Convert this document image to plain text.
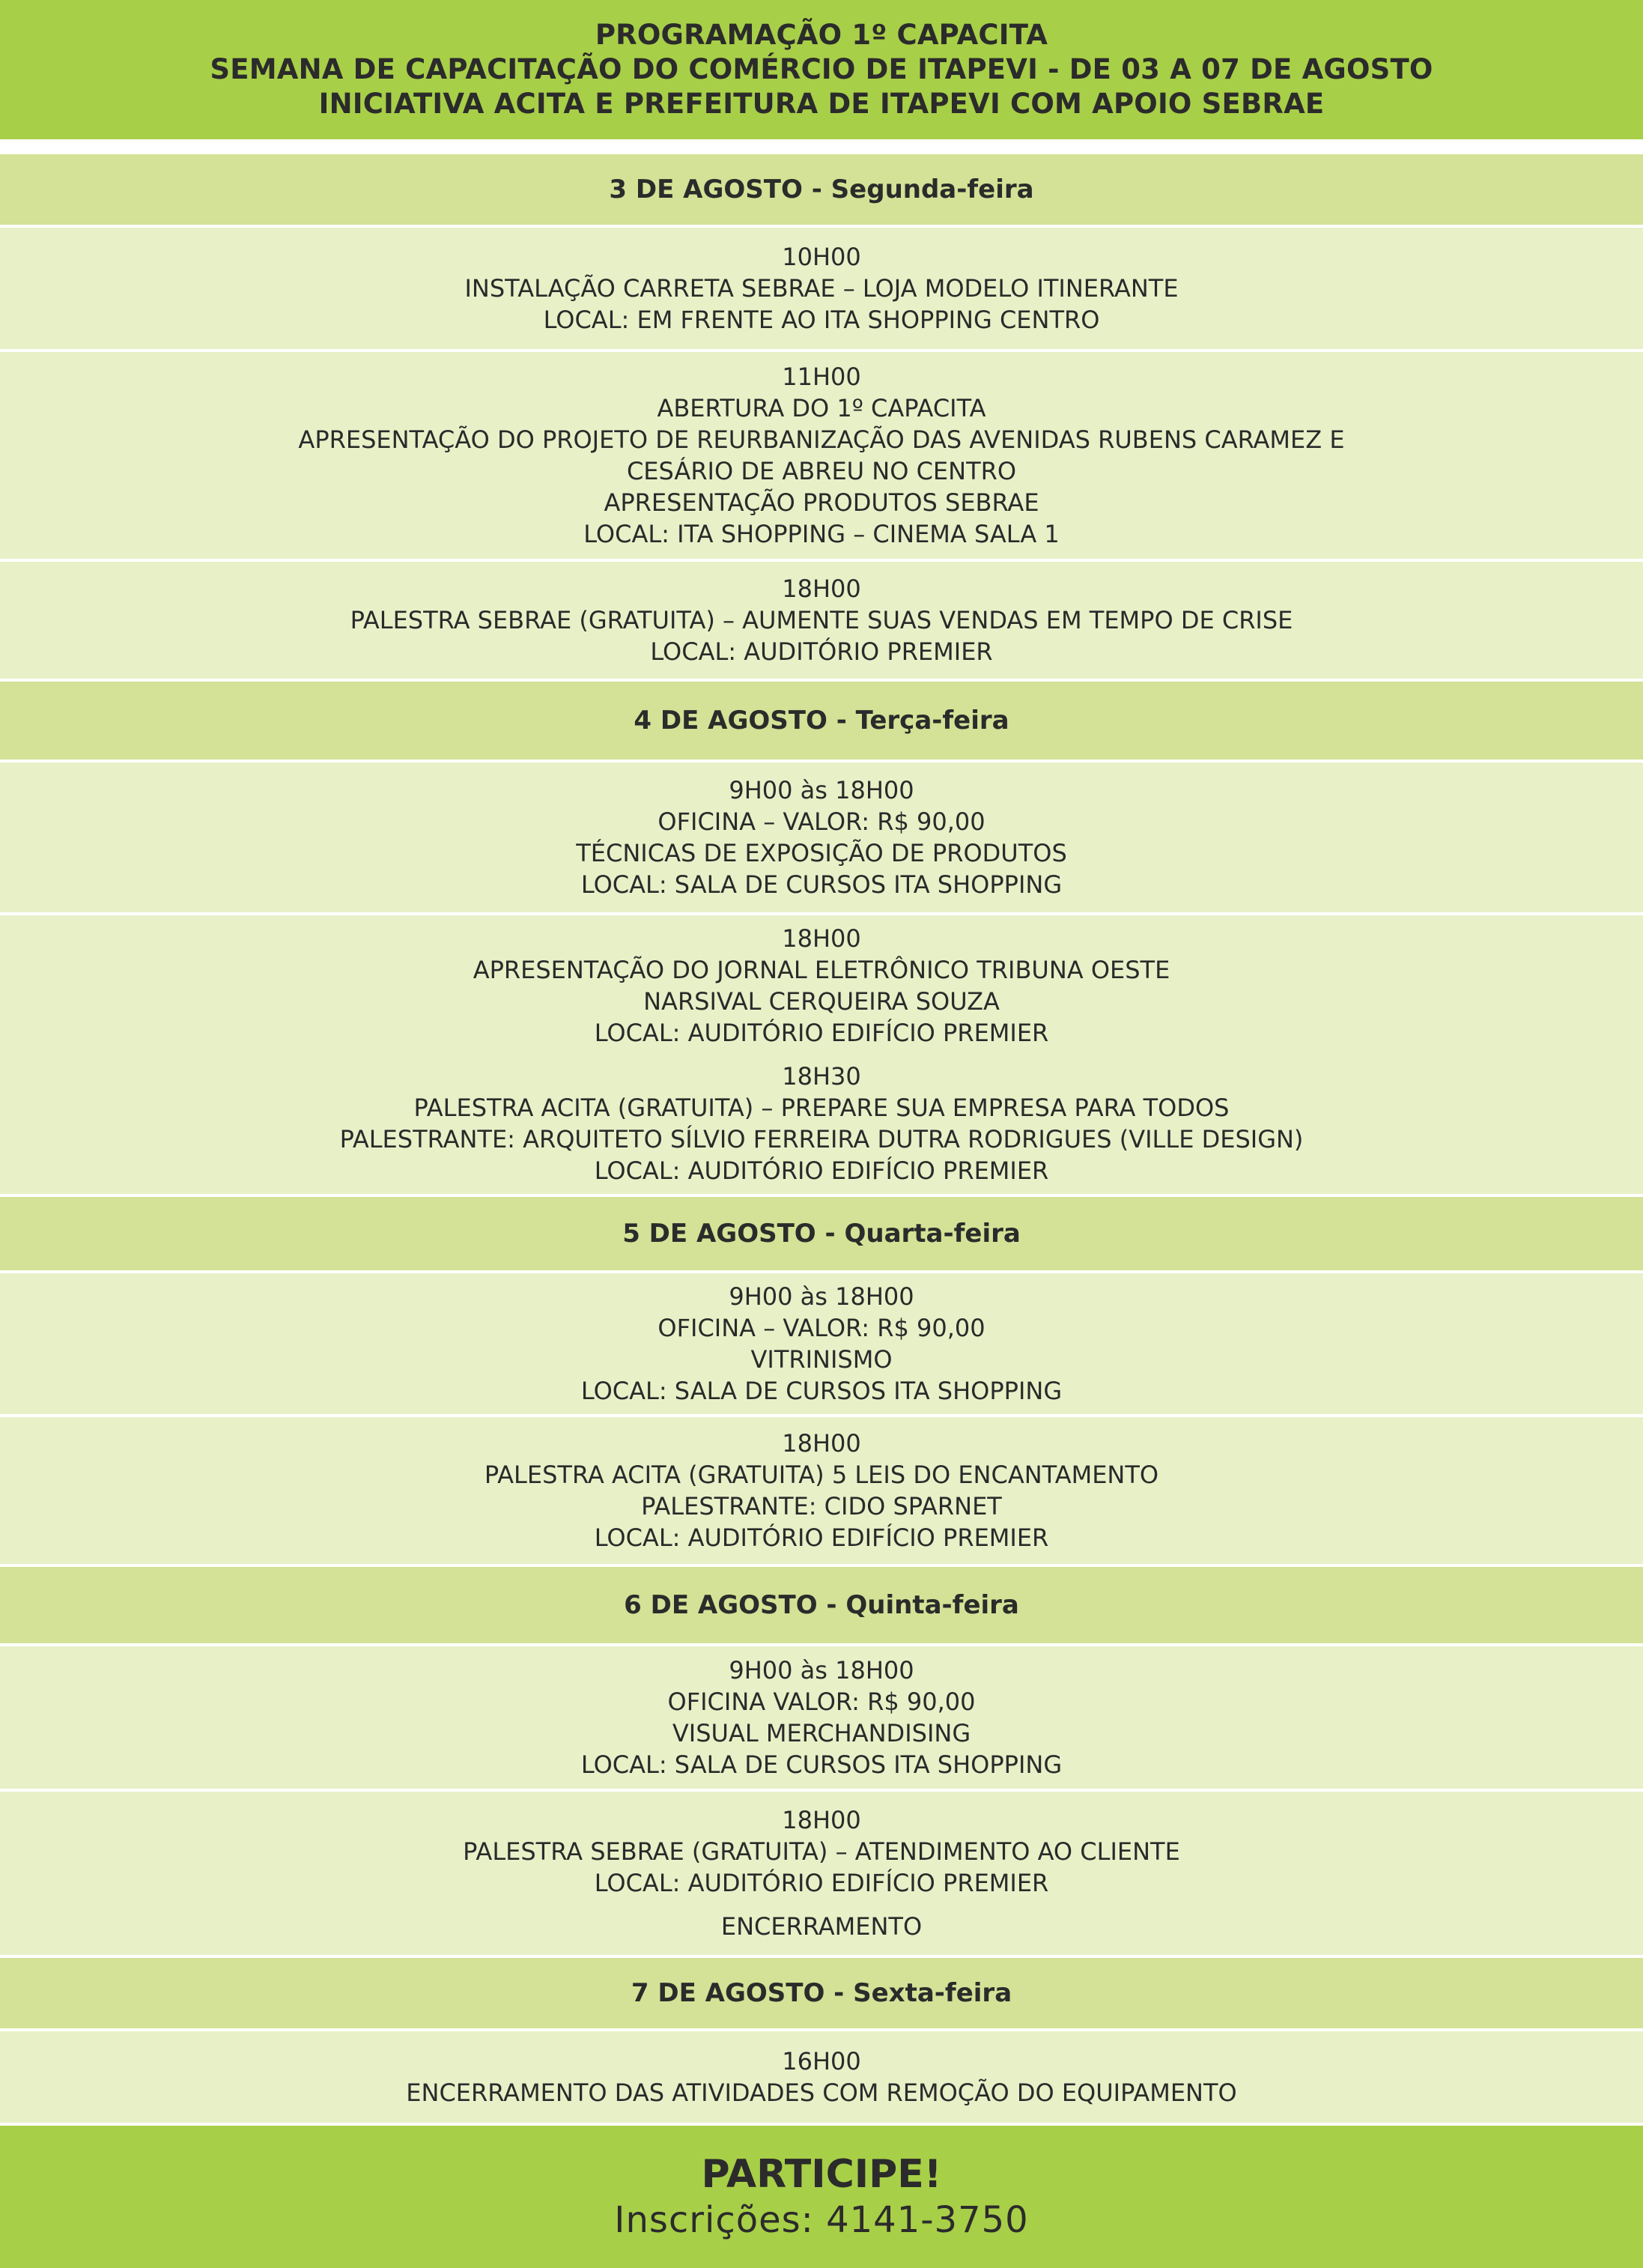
PROGRAMAÇÃO 1º CAPACITA
SEMANA DE CAPACITAÇÃO DO COMÉRCIO DE ITAPEVI - DE 03 A 07 DE AGOSTO
INICIATIVA ACITA E PREFEITURA DE ITAPEVI COM APOIO SEBRAE
3 DE AGOSTO - Segunda-feira
10H00
INSTALAÇÃO CARRETA SEBRAE – LOJA MODELO ITINERANTE
LOCAL: EM FRENTE AO ITA SHOPPING CENTRO
11H00
ABERTURA DO 1º CAPACITA
APRESENTAÇÃO DO PROJETO DE REURBANIZAÇÃO DAS AVENIDAS RUBENS CARAMEZ E
CESÁRIO DE ABREU NO CENTRO
APRESENTAÇÃO PRODUTOS SEBRAE
LOCAL: ITA SHOPPING – CINEMA SALA 1
18H00
PALESTRA SEBRAE (GRATUITA) – AUMENTE SUAS VENDAS EM TEMPO DE CRISE
LOCAL: AUDITÓRIO PREMIER
4 DE AGOSTO - Terça-feira
9H00 às 18H00
OFICINA – VALOR: R$ 90,00
TÉCNICAS DE EXPOSIÇÃO DE PRODUTOS
LOCAL: SALA DE CURSOS ITA SHOPPING
18H00
APRESENTAÇÃO DO JORNAL ELETRÔNICO TRIBUNA OESTE
NARSIVAL CERQUEIRA SOUZA
LOCAL: AUDITÓRIO EDIFÍCIO PREMIER
18H30
PALESTRA ACITA (GRATUITA) – PREPARE SUA EMPRESA PARA TODOS
PALESTRANTE: ARQUITETO SÍLVIO FERREIRA DUTRA RODRIGUES (VILLE DESIGN)
LOCAL: AUDITÓRIO EDIFÍCIO PREMIER
5 DE AGOSTO - Quarta-feira
9H00 às 18H00
OFICINA – VALOR: R$ 90,00
VITRINISMO
LOCAL: SALA DE CURSOS ITA SHOPPING
18H00
PALESTRA ACITA (GRATUITA) 5 LEIS DO ENCANTAMENTO
PALESTRANTE: CIDO SPARNET
LOCAL: AUDITÓRIO EDIFÍCIO PREMIER
6 DE AGOSTO - Quinta-feira
9H00 às 18H00
OFICINA VALOR: R$ 90,00
VISUAL MERCHANDISING
LOCAL: SALA DE CURSOS ITA SHOPPING
18H00
PALESTRA SEBRAE (GRATUITA) – ATENDIMENTO AO CLIENTE
LOCAL: AUDITÓRIO EDIFÍCIO PREMIER
ENCERRAMENTO
7 DE AGOSTO - Sexta-feira
16H00
ENCERRAMENTO DAS ATIVIDADES COM REMOÇÃO DO EQUIPAMENTO
PARTICIPE!
Inscrições: 4141-3750
